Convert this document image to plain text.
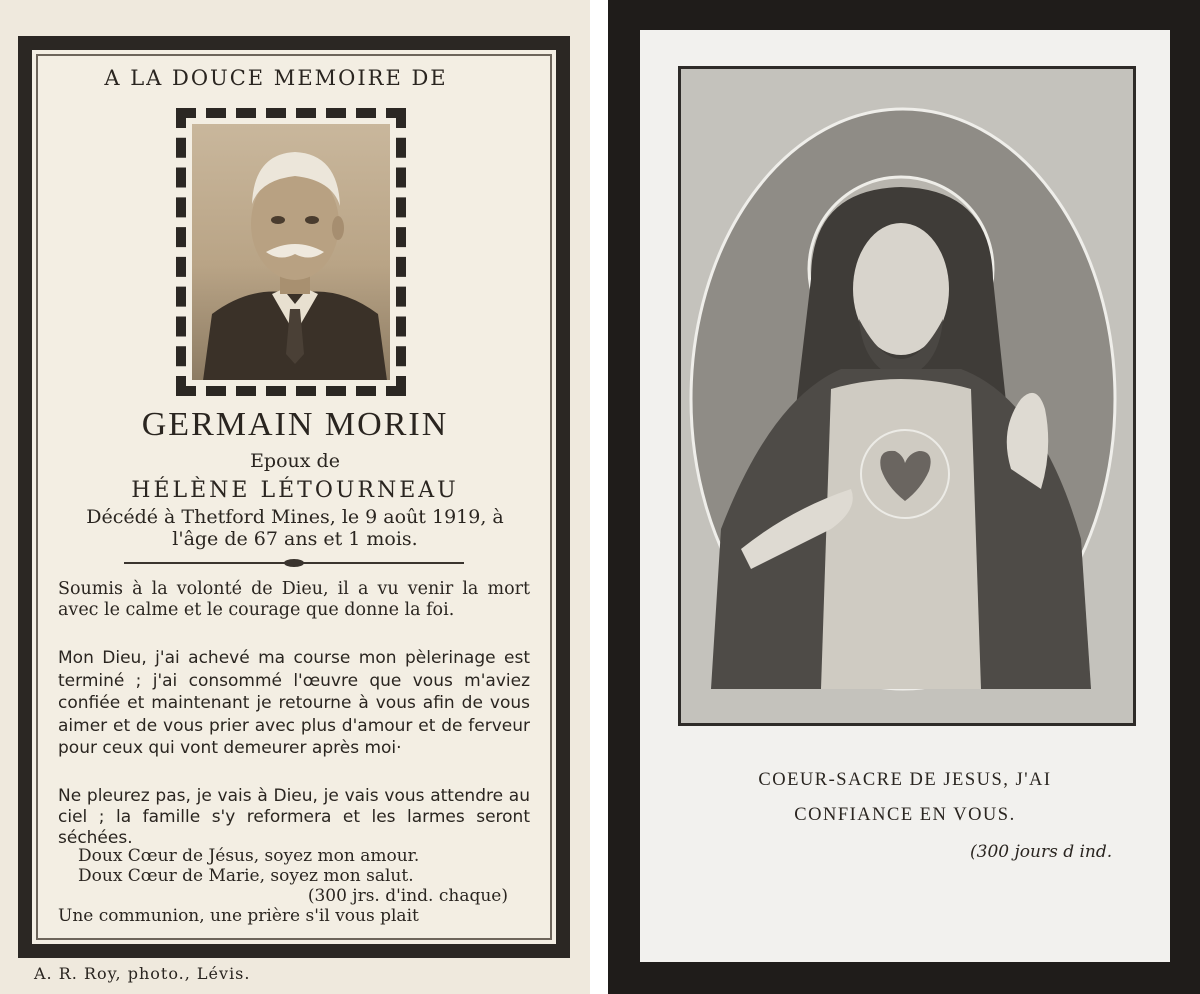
A LA DOUCE MEMOIRE DE
GERMAIN MORIN
Epoux de
HÉLÈNE LÉTOURNEAU
Décédé à Thetford Mines, le 9 août 1919, à
l'âge de 67 ans et 1 mois.
Soumis à la volonté de Dieu, il a vu venir la mort avec le calme et le courage que donne la foi.
Mon Dieu, j'ai achevé ma course mon pèlerinage est terminé ; j'ai consommé l'œuvre que vous m'aviez confiée et maintenant je retourne à vous afin de vous aimer et de vous prier avec plus d'amour et de ferveur pour ceux qui vont demeurer après moi·
Ne pleurez pas, je vais à Dieu, je vais vous attendre au ciel ; la famille s'y reformera et les larmes seront séchées.
Doux Cœur de Jésus, soyez mon amour.
Doux Cœur de Marie, soyez mon salut.
(300 jrs. d'ind. chaque)
Une communion, une prière s'il vous plait
A. R. Roy, photo., Lévis.
COEUR-SACRE DE JESUS, J'AI
CONFIANCE EN VOUS.
(300 jours d ind.
